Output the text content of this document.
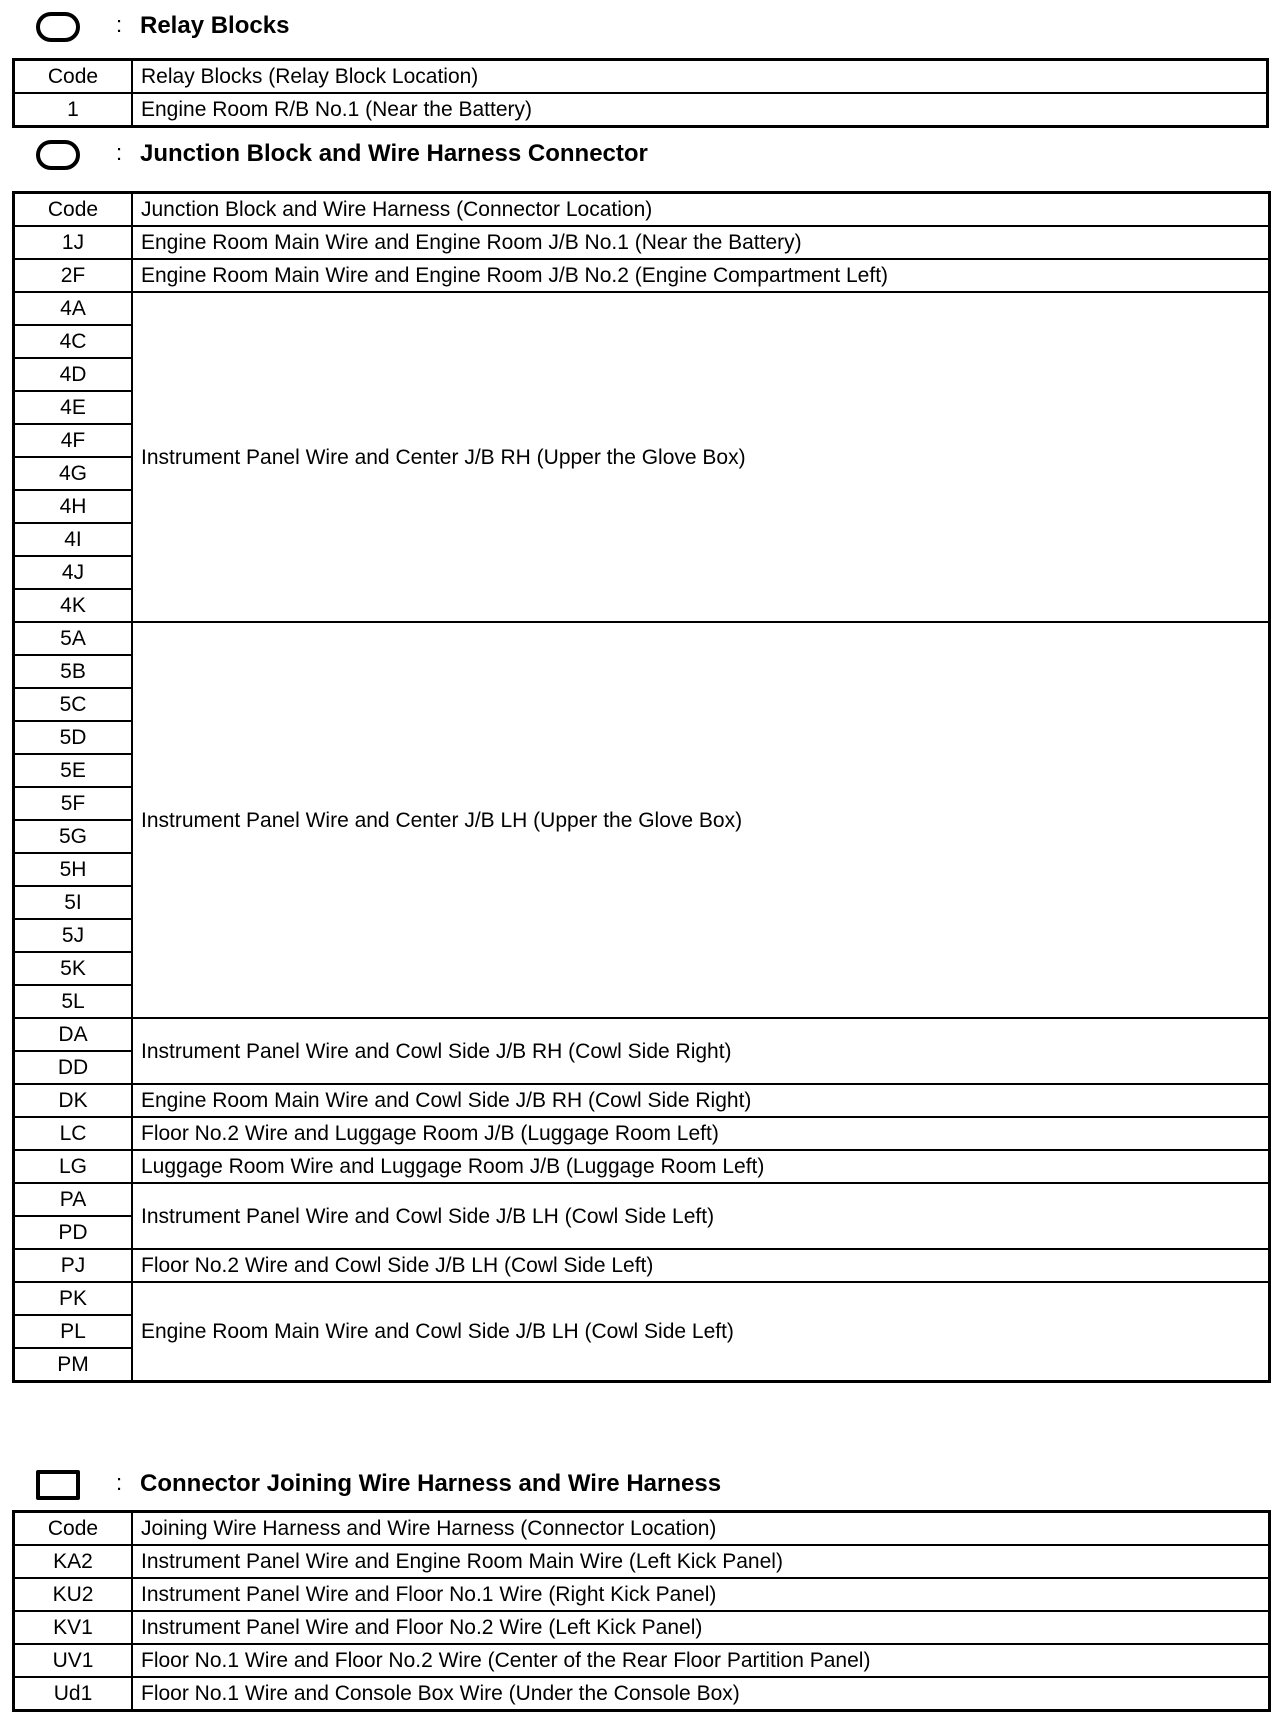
: Relay Blocks
Code	Relay Blocks (Relay Block Location)
1	Engine Room R/B No.1 (Near the Battery)
: Junction Block and Wire Harness Connector
Code	Junction Block and Wire Harness (Connector Location)
1J	Engine Room Main Wire and Engine Room J/B No.1 (Near the Battery)
2F	Engine Room Main Wire and Engine Room J/B No.2 (Engine Compartment Left)
4A	Instrument Panel Wire and Center J/B RH (Upper the Glove Box)
4C	
4D	
4E	
4F	
4G	
4H	
4I	
4J	
4K	
5A	Instrument Panel Wire and Center J/B LH (Upper the Glove Box)
5B	
5C	
5D	
5E	
5F	
5G	
5H	
5I	
5J	
5K	
5L	
DA	Instrument Panel Wire and Cowl Side J/B RH (Cowl Side Right)
DD	
DK	Engine Room Main Wire and Cowl Side J/B RH (Cowl Side Right)
LC	Floor No.2 Wire and Luggage Room J/B (Luggage Room Left)
LG	Luggage Room Wire and Luggage Room J/B (Luggage Room Left)
PA	Instrument Panel Wire and Cowl Side J/B LH (Cowl Side Left)
PD	
PJ	Floor No.2 Wire and Cowl Side J/B LH (Cowl Side Left)
PK	Engine Room Main Wire and Cowl Side J/B LH (Cowl Side Left)
PL	
PM	
: Connector Joining Wire Harness and Wire Harness
Code	Joining Wire Harness and Wire Harness (Connector Location)
KA2	Instrument Panel Wire and Engine Room Main Wire (Left Kick Panel)
KU2	Instrument Panel Wire and Floor No.1 Wire (Right Kick Panel)
KV1	Instrument Panel Wire and Floor No.2 Wire (Left Kick Panel)
UV1	Floor No.1 Wire and Floor No.2 Wire (Center of the Rear Floor Partition Panel)
Ud1	Floor No.1 Wire and Console Box Wire (Under the Console Box)
